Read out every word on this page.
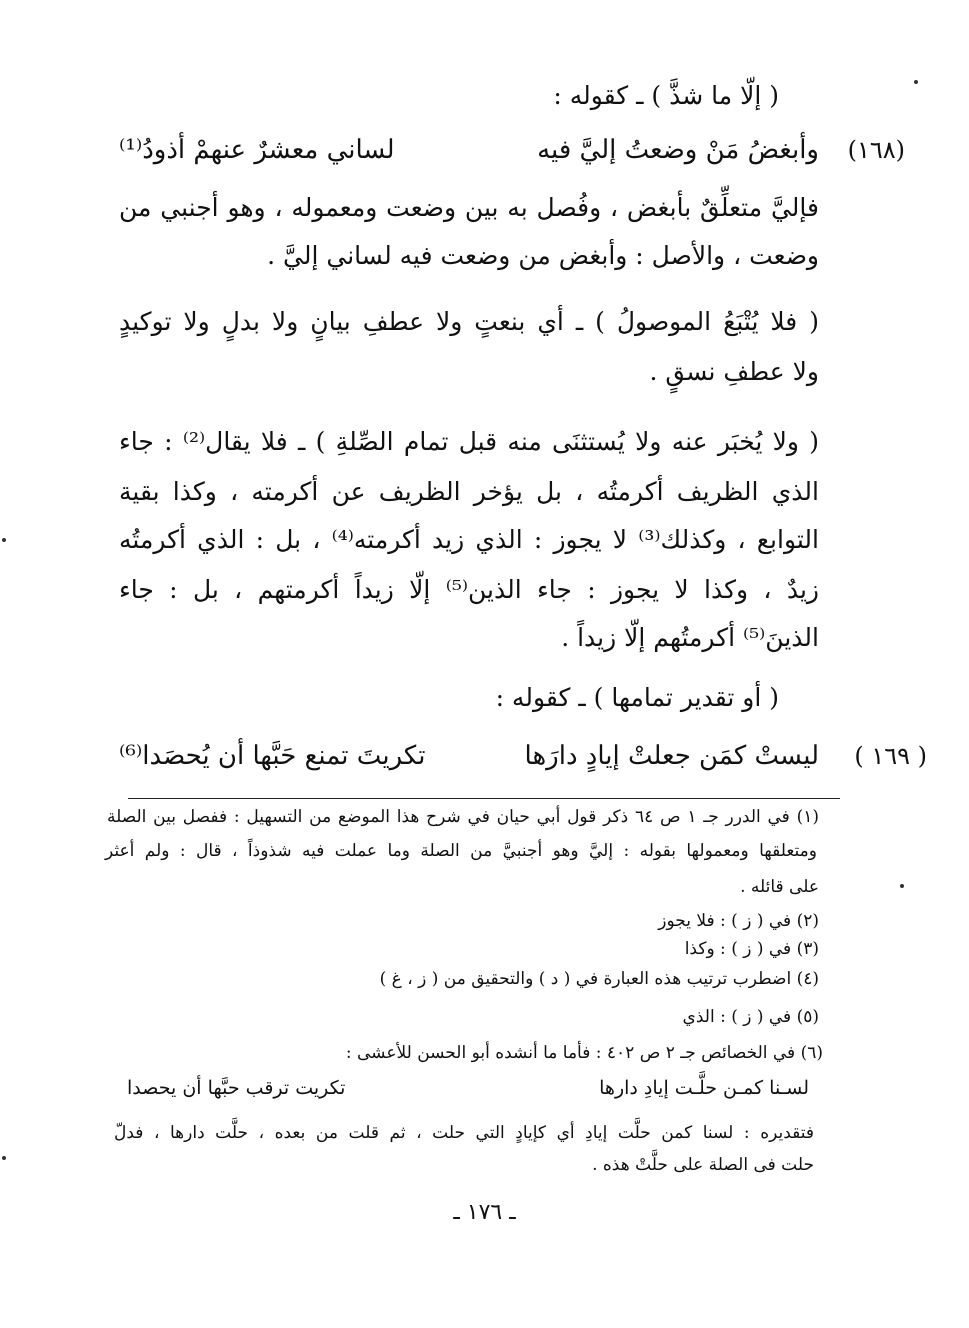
( إلّا ما شذَّ ) ـ كقوله :
(١٦٨)
وأبغضُ مَنْ وضعتُ إليَّ فيه
لساني معشرٌ عنهمْ أذودُ⁽¹⁾
فإليَّ متعلِّقٌ بأبغض ، وفُصل به بين وضعت ومعموله ، وهو أجنبي من
وضعت ، والأصل : وأبغض من وضعت فيه لساني إليَّ .
( فلا يُتْبَعُ الموصولُ ) ـ أي بنعتٍ ولا عطفِ بيانٍ ولا بدلٍ ولا توكيدٍ
ولا عطفِ نسقٍ .
( ولا يُخبَر عنه ولا يُستثنَى منه قبل تمام الصِّلةِ ) ـ فلا يقال⁽²⁾ : جاء
الذي الظريف أكرمتُه ، بل يؤخر الظريف عن أكرمته ، وكذا بقية
التوابع ، وكذلك⁽³⁾ لا يجوز : الذي زيد أكرمته⁽⁴⁾ ، بل : الذي أكرمتُه
زيدٌ ، وكذا لا يجوز : جاء الذين⁽⁵⁾ إلّا زيداً أكرمتهم ، بل : جاء
الذينَ⁽⁵⁾ أكرمتُهم إلّا زيداً .
( أو تقدير تمامها ) ـ كقوله :
( ١٦٩ )
ليستْ كمَن جعلتْ إيادٍ دارَها
تكريتَ تمنع حَبَّها أن يُحصَدا⁽⁶⁾
(١) في الدرر جـ ١ ص ٦٤ ذكر قول أبي حيان في شرح هذا الموضع من التسهيل : ففصل بين الصلة
ومتعلقها ومعمولها بقوله : إليَّ وهو أجنبيَّ من الصلة وما عملت فيه شذوذاً ، قال : ولم أعثر
على قائله .
(٢) في ( ز ) : فلا يجوز
(٣) في ( ز ) : وكذا
(٤) اضطرب ترتيب هذه العبارة في ( د ) والتحقيق من ( ز ، غ )
(٥) في ( ز ) : الذي
(٦) في الخصائص جـ ٢ ص ٤٠٢ : فأما ما أنشده أبو الحسن للأعشى :
لسـنا كمـن حلَّـت إيادِ دارها
تكريت ترقب حبَّها أن يحصدا
فتقديره : لسنا كمن حلَّت إيادِ أي كإيادٍ التي حلت ، ثم قلت من بعده ، حلَّت دارها ، فدلّ
حلت فى الصلة على حلَّتْ هذه .
ـ ١٧٦ ـ
